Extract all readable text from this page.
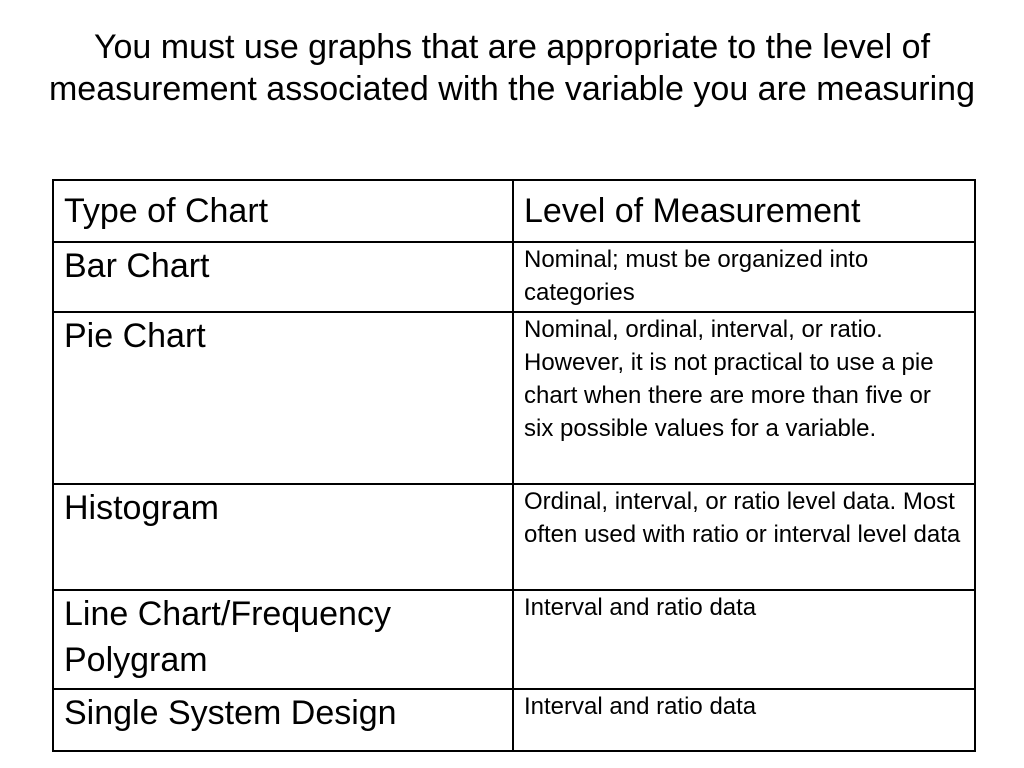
You must use graphs that are appropriate to the level of measurement associated with the variable you are measuring
Type of Chart	Level of Measurement
Bar Chart	Nominal; must be organized into categories
Pie Chart	Nominal, ordinal, interval, or ratio. However, it is not practical to use a pie chart when there are more than five or six possible values for a variable.
Histogram	Ordinal, interval, or ratio level data. Most often used with ratio or interval level data
Line Chart/Frequency Polygram	Interval and ratio data
Single System Design	Interval and ratio data
